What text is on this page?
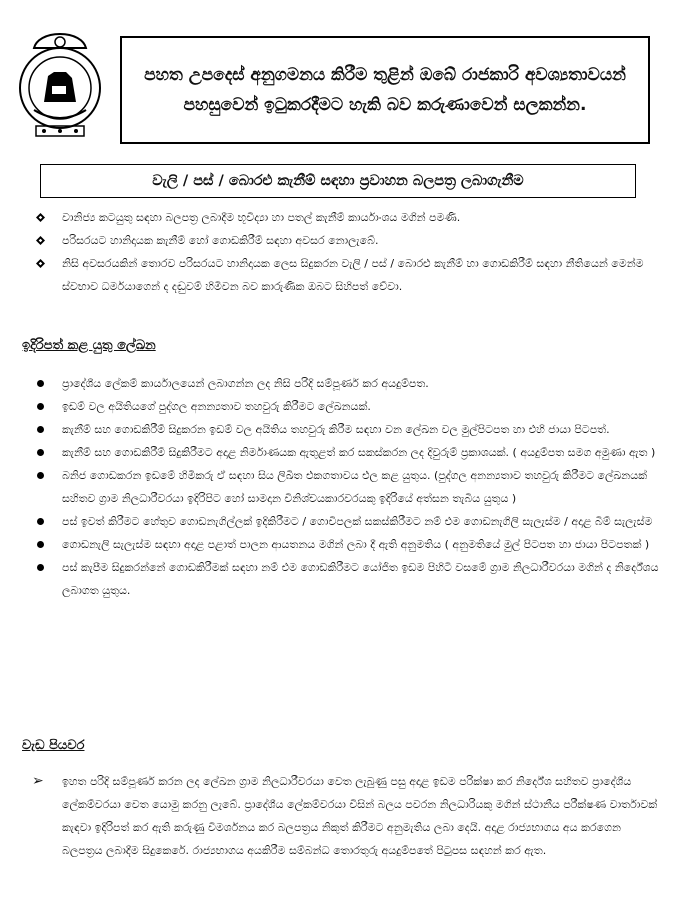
පහත උපදෙස් අනුගමනය කිරීම තුළින් ඔබේ රාජකාරි අවශ්‍යතාවයන් පහසුවෙන් ඉටුකරදීමට හැකි බව කරුණාවෙන් සලකන්න.

වැලි / පස් / බොරළු කැනීම් සඳහා ප්‍රවාහන බලපත්‍ර ලබාගැනීම

වානිජ්‍ය කටයුතු සඳහා බලපත්‍ර ලබාදීම භූවිද්‍යා හා පතල් කැනීම් කාර්යාංශය මගින් පමණි.
පරිසරයට හානිදායක කැනීම් හෝ ගොඩකිරීම් සඳහා අවසර නොලැබේ.
නිසි අවසරයකින් තොරව පරිසරයට හානිදායක ලෙස සිදුකරන වැලි / පස් / බොරළු කැනීම් හා ගොඩකිරීම් සඳහා නීතියෙන් මෙන්ම ස්වභාව ධර්මයාගෙන් ද දඬුවම් හිමිවන බව කාරුණික ඔබට සිහිපත් වේවා.

ඉදිරිපත් කළ යුතු ලේඛන

ප්‍රාදේශීය ලේකම් කාර්යාලයෙන් ලබාගන්න ලද නිසි පරිදි සම්පූර්ණ කර අයදුම්පත.
ඉඩම් වල අයිතියගේ පුද්ගල අනන්‍යතාව තහවුරු කිරීමට ලේඛනයක්.
කැනීම් සහ ගොඩකිරීම් සිදුකරන ඉඩම් වල අයිතිය තහවුරු කිරීම සඳහා වන ලේඛන වල මුල්පිටපත හා එහි ජායා පිටපත්.
කැනීම් සහ ගොඩකිරීම් සිදුකිරීමට අදාළ නිර්මාණයක ඇතුළත් කර සකස්කරන ලද දිවුරුම් ප්‍රකාශයක්. ( අයදුම්පත සමග අමුණා ඇත )
බනිජ ගොඩකරන ඉඩමේ හිමිකරු ඒ සඳහා සිය ලිඛිත එකගතාවය එල කළ යුතුය. (පුද්ගල අනන්‍යතාව තහවුරු කිරීමට ලේඛනයක් සහිතව ග්‍රාම නිලධාරීවරයා ඉදිරිපිට හෝ සාමදාන විනිශ්චයකාරවරයකු ඉදිරියේ අත්සන තැබිය යුතුය )
පස් ඉවත් කිරීමට හේතුව ගොඩනැගිල්ලක් ඉදිකිරීමට / ගොවිපලක් සකස්කිරීමට නම් එම ගොඩනැගිලි සැලැස්ම / අදාළ බිම් සැලැස්ම
ගොඩනැලි සැලැස්ම සඳහා අදාළ පළාත් පාලන ආයතනය මගින් ලබා දී ඇති අනුමතිය ( අනුමතියේ මුල් පිටපත හා ජායා පිටපතක් )
පස් කැපීම සිදුකරන්නේ ගොඩකිරීමක් සඳහා නම් එම ගොඩකිරීමට යෝජිත ඉඩම පිහිටි වසමේ ග්‍රාම නිලධාරීවරයා මගින් ද නිර්දේශය ලබාගත යුතුය.

වැඩ පියවර

➢ ඉහත පරිදි සම්පූර්ණ කරන ලද ලේඛන ග්‍රාම නිලධාරීවරයා වෙත ලැබුණු පසු අදාළ ඉඩම පරික්ෂා කර නිර්දේශ සහිතව ප්‍රාදේශීය ලේකම්වරයා වෙත යොමු කරනු ලැබේ. ප්‍රාදේශීය ලේකම්වරයා විසින් බලය පවරන නිලධාරියකු මගින් ස්ථානීය පරීක්ෂණ වාර්තාවක් කැඳවා ඉදිරිපත් කර ඇති කරුණු විමර්ශනය කර බලපත්‍රය නිකුත් කිරීමට අනුමැතිය ලබා දෙයි. අදාළ රාජ්‍යභාගය අය කරගෙන බලපත්‍රය ලබාදීම සිදුකෙරේ. රාජ්‍යභාගය අයකිරීම සම්බන්ධ තොරතුරු අයදුම්පතේ පිටුපස සඳහන් කර ඇත.
